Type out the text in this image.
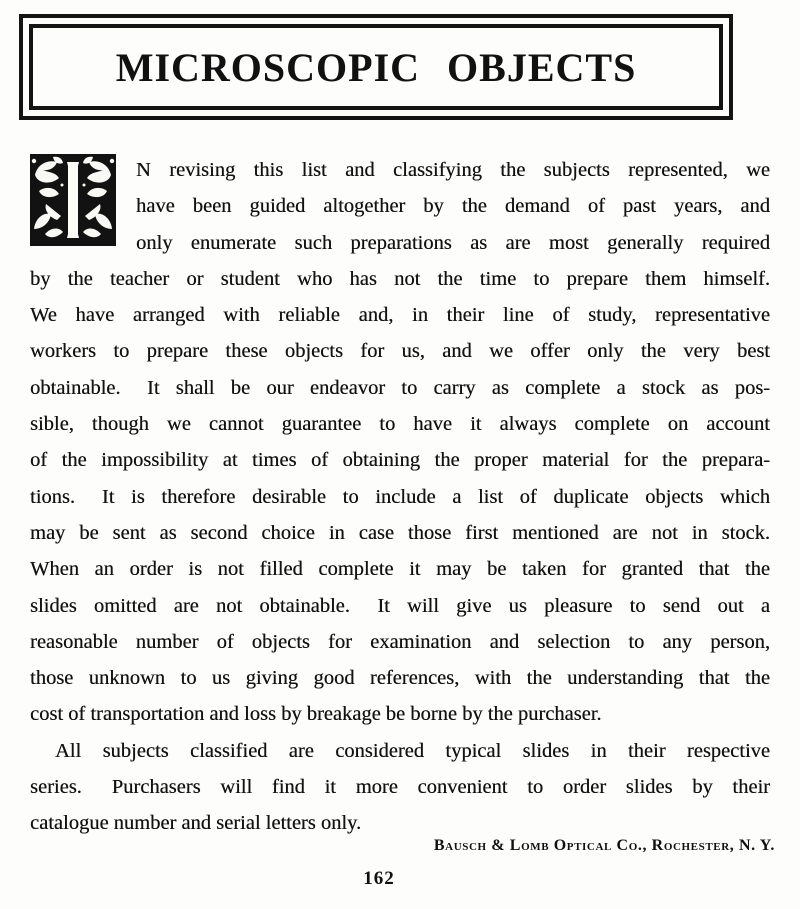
MICROSCOPIC OBJECTS
N revising this list and classifying the subjects represented, we
have been guided altogether by the demand of past years, and
only enumerate such preparations as are most generally required
by the teacher or student who has not the time to prepare them himself.
We have arranged with reliable and, in their line of study, representative
workers to prepare these objects for us, and we offer only the very best
obtainable.  It shall be our endeavor to carry as complete a stock as pos-
sible, though we cannot guarantee to have it always complete on account
of the impossibility at times of obtaining the proper material for the prepara-
tions.  It is therefore desirable to include a list of duplicate objects which
may be sent as second choice in case those first mentioned are not in stock.
When an order is not filled complete it may be taken for granted that the
slides omitted are not obtainable.  It will give us pleasure to send out a
reasonable number of objects for examination and selection to any person,
those unknown to us giving good references, with the understanding that the
cost of transportation and loss by breakage be borne by the purchaser.
All subjects classified are considered typical slides in their respective
series.  Purchasers will find it more convenient to order slides by their
catalogue number and serial letters only.
Bausch & Lomb Optical Co., Rochester, N. Y.
162
